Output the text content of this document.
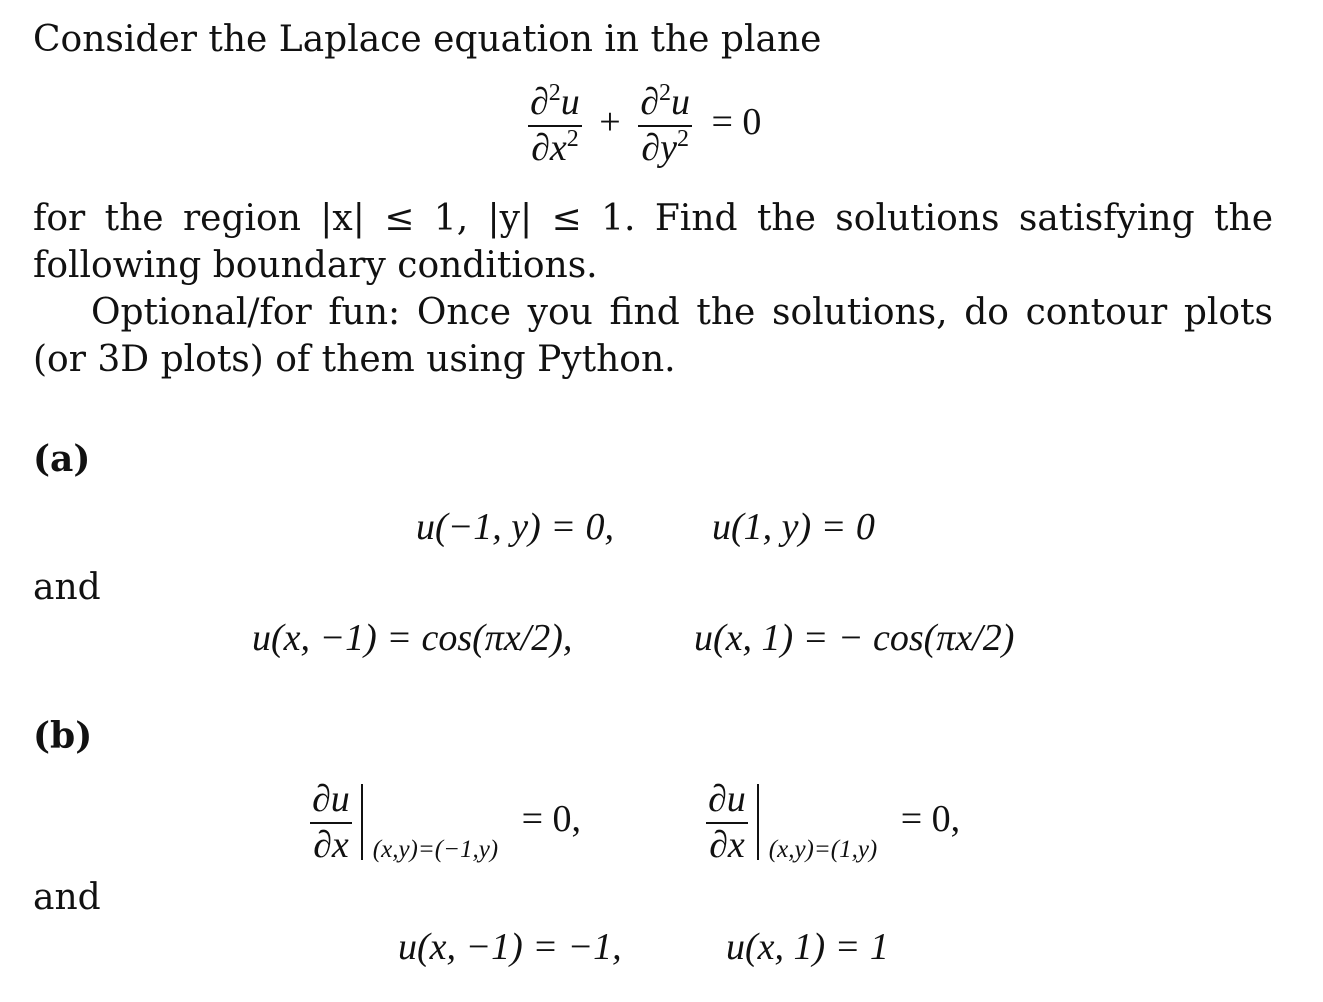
Consider the Laplace equation in the plane
$\frac{\partial^2u}{\partial x^2} + \frac{\partial^2u}{\partial y^2} = 0$
for the region |x| ≤ 1, |y| ≤ 1. Find the solutions satisfying the following boundary conditions.
Optional/for fun: Once you find the solutions, do contour plots (or 3D plots) of them using Python.
(a)
u(−1, y) = 0,	u(1, y) = 0
and
u(x, −1) = cos(πx/2),	u(x, 1) = − cos(πx/2)
(b)
$\frac{\partial u}{\partial x} _{(x,y)=(-1,y)} = 0$,	$\frac{\partial u}{\partial x} _{(x,y)=(1,y)} = 0$,
and
u(x, −1) = −1,	u(x, 1) = 1
